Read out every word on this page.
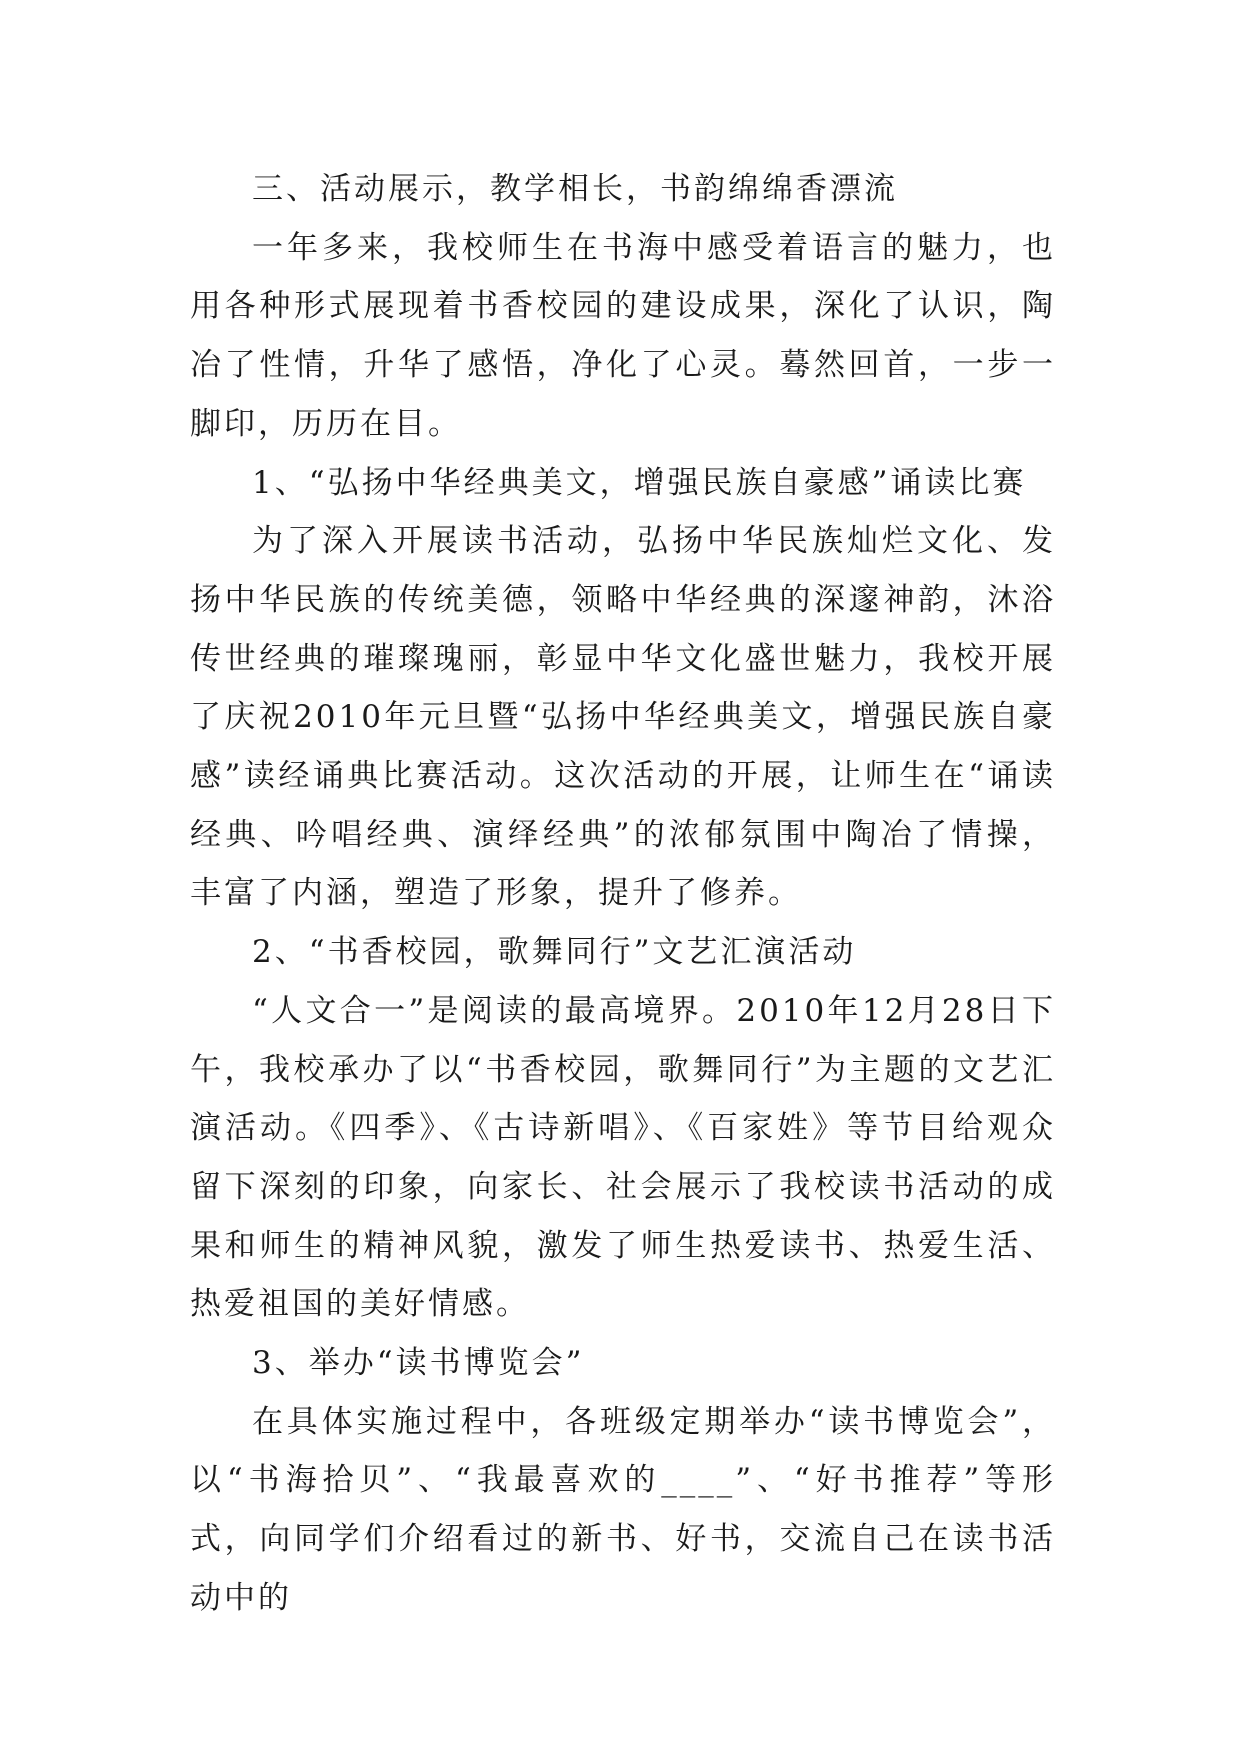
三、活动展示，教学相长，书韵绵绵香漂流

一年多来，我校师生在书海中感受着语言的魅力，也用各种形式展现着书香校园的建设成果，深化了认识，陶冶了性情，升华了感悟，净化了心灵。蓦然回首，一步一脚印，历历在目。

1、“弘扬中华经典美文，增强民族自豪感”诵读比赛

为了深入开展读书活动，弘扬中华民族灿烂文化、发扬中华民族的传统美德，领略中华经典的深邃神韵，沐浴传世经典的璀璨瑰丽，彰显中华文化盛世魅力，我校开展了庆祝2010年元旦暨“弘扬中华经典美文，增强民族自豪感”读经诵典比赛活动。这次活动的开展，让师生在“诵读经典、吟唱经典、演绎经典”的浓郁氛围中陶冶了情操，丰富了内涵，塑造了形象，提升了修养。

2、“书香校园，歌舞同行”文艺汇演活动

“人文合一”是阅读的最高境界。2010年12月28日下午，我校承办了以“书香校园，歌舞同行”为主题的文艺汇演活动。《四季》、《古诗新唱》、《百家姓》等节目给观众留下深刻的印象，向家长、社会展示了我校读书活动的成果和师生的精神风貌，激发了师生热爱读书、热爱生活、热爱祖国的美好情感。

3、举办“读书博览会”

在具体实施过程中，各班级定期举办“读书博览会”，以“书海拾贝”、“我最喜欢的____”、“好书推荐”等形式，向同学们介绍看过的新书、好书，交流自己在读书活动中的
